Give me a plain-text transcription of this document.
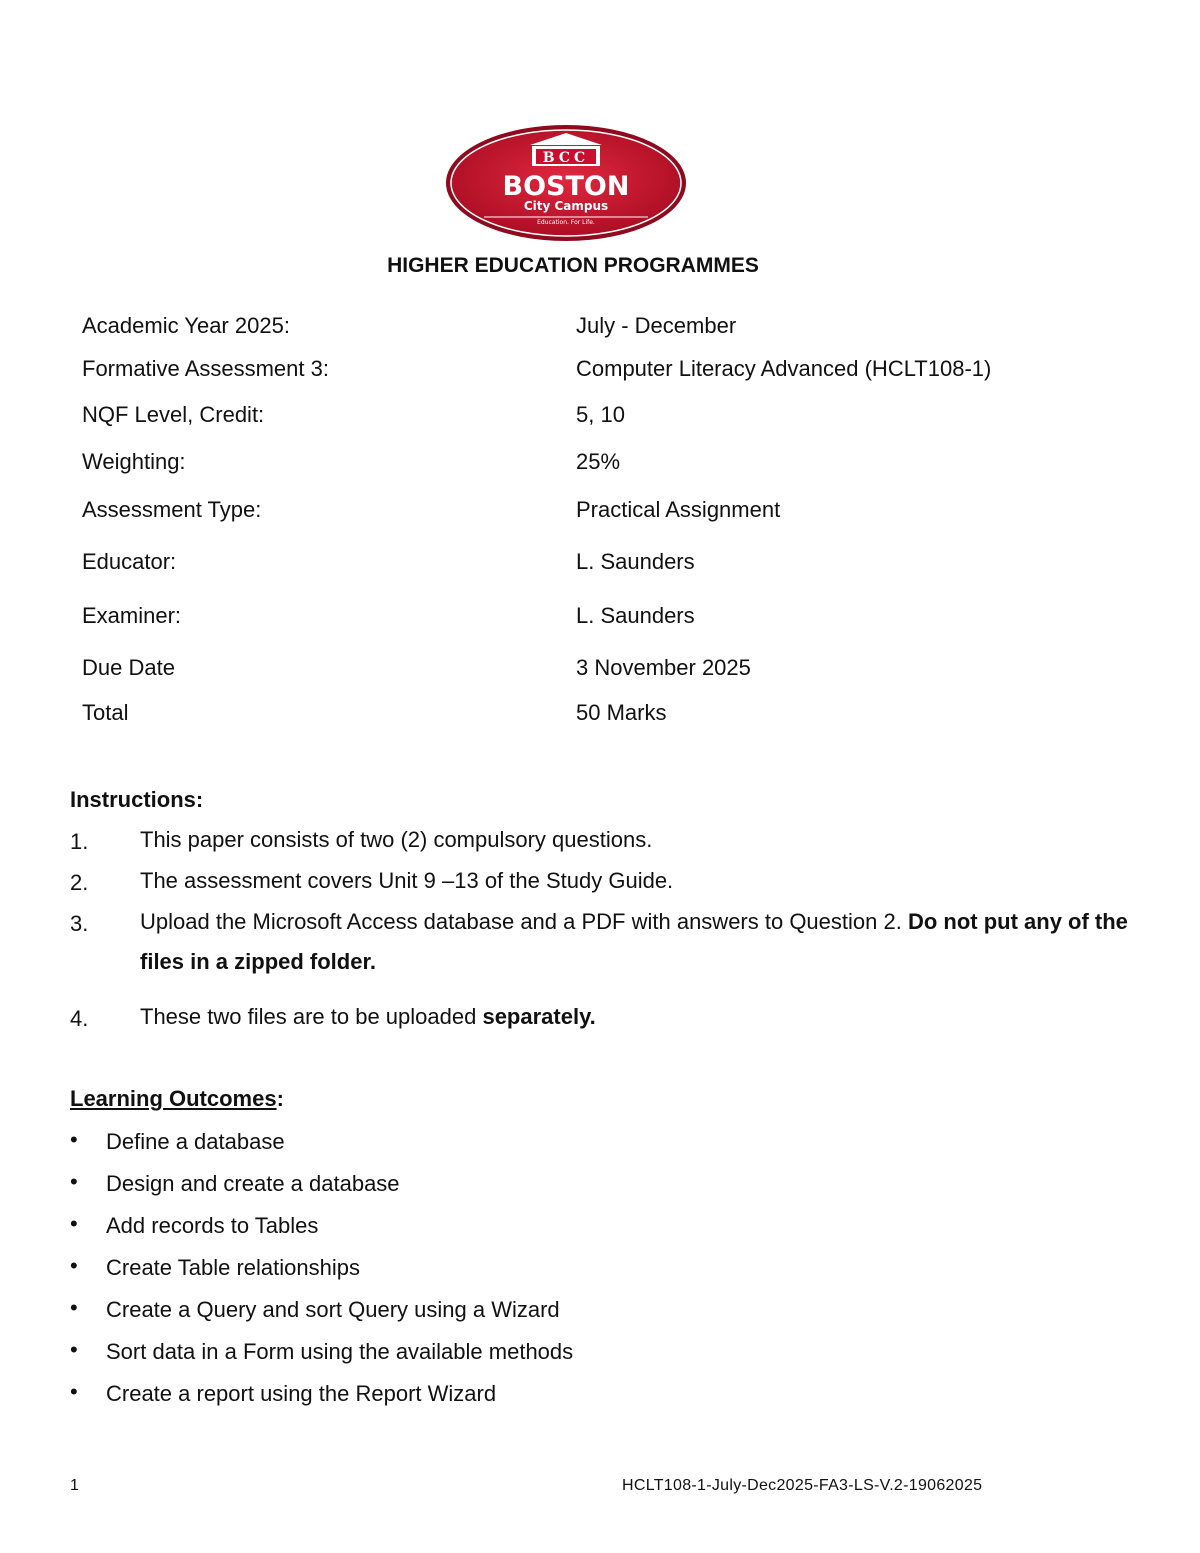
BCC
BOSTON
City Campus
Education. For Life.
HIGHER EDUCATION PROGRAMMES
Academic Year 2025:	July - December
Formative Assessment 3:	Computer Literacy Advanced (HCLT108-1)
NQF Level, Credit:	5, 10
Weighting:	25%
Assessment Type:	Practical Assignment
Educator:	L. Saunders
Examiner:	L. Saunders
Due Date	3 November 2025
Total	50 Marks
Instructions:
1. This paper consists of two (2) compulsory questions.
2. The assessment covers Unit 9 –13 of the Study Guide.
3. Upload the Microsoft Access database and a PDF with answers to Question 2. Do not put any of the files in a zipped folder.
4. These two files are to be uploaded separately.
Learning Outcomes:
• Define a database
• Design and create a database
• Add records to Tables
• Create Table relationships
• Create a Query and sort Query using a Wizard
• Sort data in a Form using the available methods
• Create a report using the Report Wizard
1	HCLT108-1-July-Dec2025-FA3-LS-V.2-19062025
